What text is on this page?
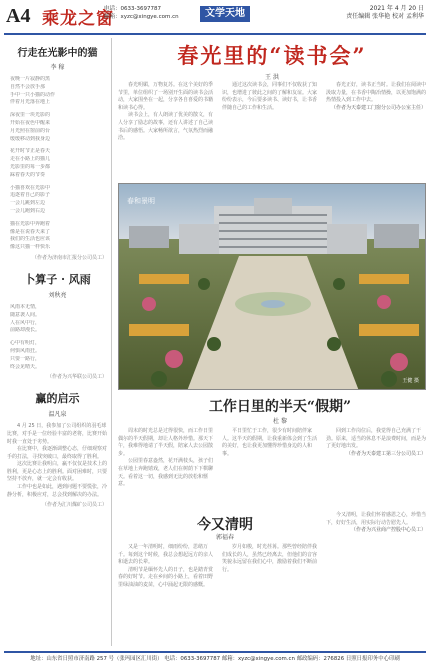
A4 乘龙之窗
电话：0633-3697787
邮箱：xyzc@xingye.com.cn	文学天地	2021 年 4 月 20 日
责任编辑 张华艳 校对 孟利华
行走在光影中的猫
李 稼

夜晚一片寂静的黑

自然不会放手那

手中一只小猫的动作

伴着月光落在地上

深夜里一块光影的

开始在夜色中醒来

月光照在窗前的台

缓缓移动到我身边

花开时节正是春天

走在小路上的猫儿

光影里的每一步都

踩着春天的节奏

小猫喜欢在光影中

追逐着自己的影子

一会儿跳到左边

一会儿跑到右边

猫在光影中奔跑着

像是在说春天来了

我们的生活也应该

像这只猫一样快乐

（作者为济南市汇报分公司员工）
卜算子 · 风雨
刘秋亮

风雨本无情，

随意袭人间。

人在风中行，

前路却漫长。

心中有明灯，

何惧风雨狂。

只要一路行，

终会见晴天。

（作者为兴华联公司员工）
赢的启示
温凡泉

4 月 25 日，我参加了公司组织的羽毛球比赛，对手是一位经验丰富的老将，比赛开始时我一直处于劣势。

在比赛中，我逐渐调整心态，仔细观察对手的打法，寻找突破口，最终取得了胜利。

这次比赛让我明白，赢不仅仅是技术上的胜利，更是心态上的胜利。面对困难时，只要坚持不放弃，就一定会有收获。

工作中也是如此，遇到问题不要慌张，冷静分析，积极应对，总会找到解决的办法。

（作者为汇川煤矿公司员工）
春光里的“读书会”
王 洪

春光明媚，万物复苏。在这个美好的季节里，单位组织了一场别开生面的读书会活动，大家围坐在一起，分享各自喜爱的书籍和读书心得。

读书会上，有人朗读了优美的散文，有人分享了励志的故事，还有人讲述了自己读书后的感悟。大家畅所欲言，气氛热烈而融洽。

通过这次读书会，同事们不仅收获了知识，也增进了彼此之间的了解和友谊。大家纷纷表示，今后要多读书、读好书，让书香伴随自己的工作和生活。

春光正好，读书正当时。让我们在阅读中汲取力量，在书香中陶冶情操，以更加饱满的热情投入到工作中去。

（作者为天泰建工门窗分公司办公室主任）
春和景明
王健 摄
工作日里的半天“假期”
杜 黎

周末的时光总是过得很快，而工作日里偶尔的半天假期，却让人格外珍惜。那天下午，我难得地请了半天假，陪家人去公园散步。

公园里春意盎然，花开满枝头，孩子们在草地上奔跑嬉戏，老人们在树荫下下棋聊天。看着这一切，我感到无比的放松和惬意。

平日里忙于工作，很少有时间陪伴家人。这半天的假期，让我重新体会到了生活的美好，也让我更加懂得珍惜身边的人和事。

回到工作岗位后，我觉得自己充满了干劲。原来，适当的休息不是浪费时间，而是为了更好地出发。

（作者为天泰建工第三分公司员工）
今又清明
郭福春

又是一年清明时，细雨纷纷，思绪万千。每到这个时候，我总会想起远方的亲人和逝去的长辈。

清明节是缅怀先人的日子，也是踏青赏春的好时节。走在乡间的小路上，看着田野里绿油油的麦苗，心中涌起无限的感慨。

岁月如梭，时光荏苒。那些曾经陪伴我们成长的人，虽然已经离去，但他们的音容笑貌永远留在我们心中，激励着我们不断前行。

今又清明，让我们怀着感恩之心，珍惜当下，好好生活，用实际行动告慰先人。

（作者为兴业商产控股中心员工）
地址：山东省日照市济南路 257 号（张玛园区汇川街） 电话：0633-3697787 邮箱：xyzc@xingye.com.cn 邮政编码：276826 日照日报印务中心印刷
